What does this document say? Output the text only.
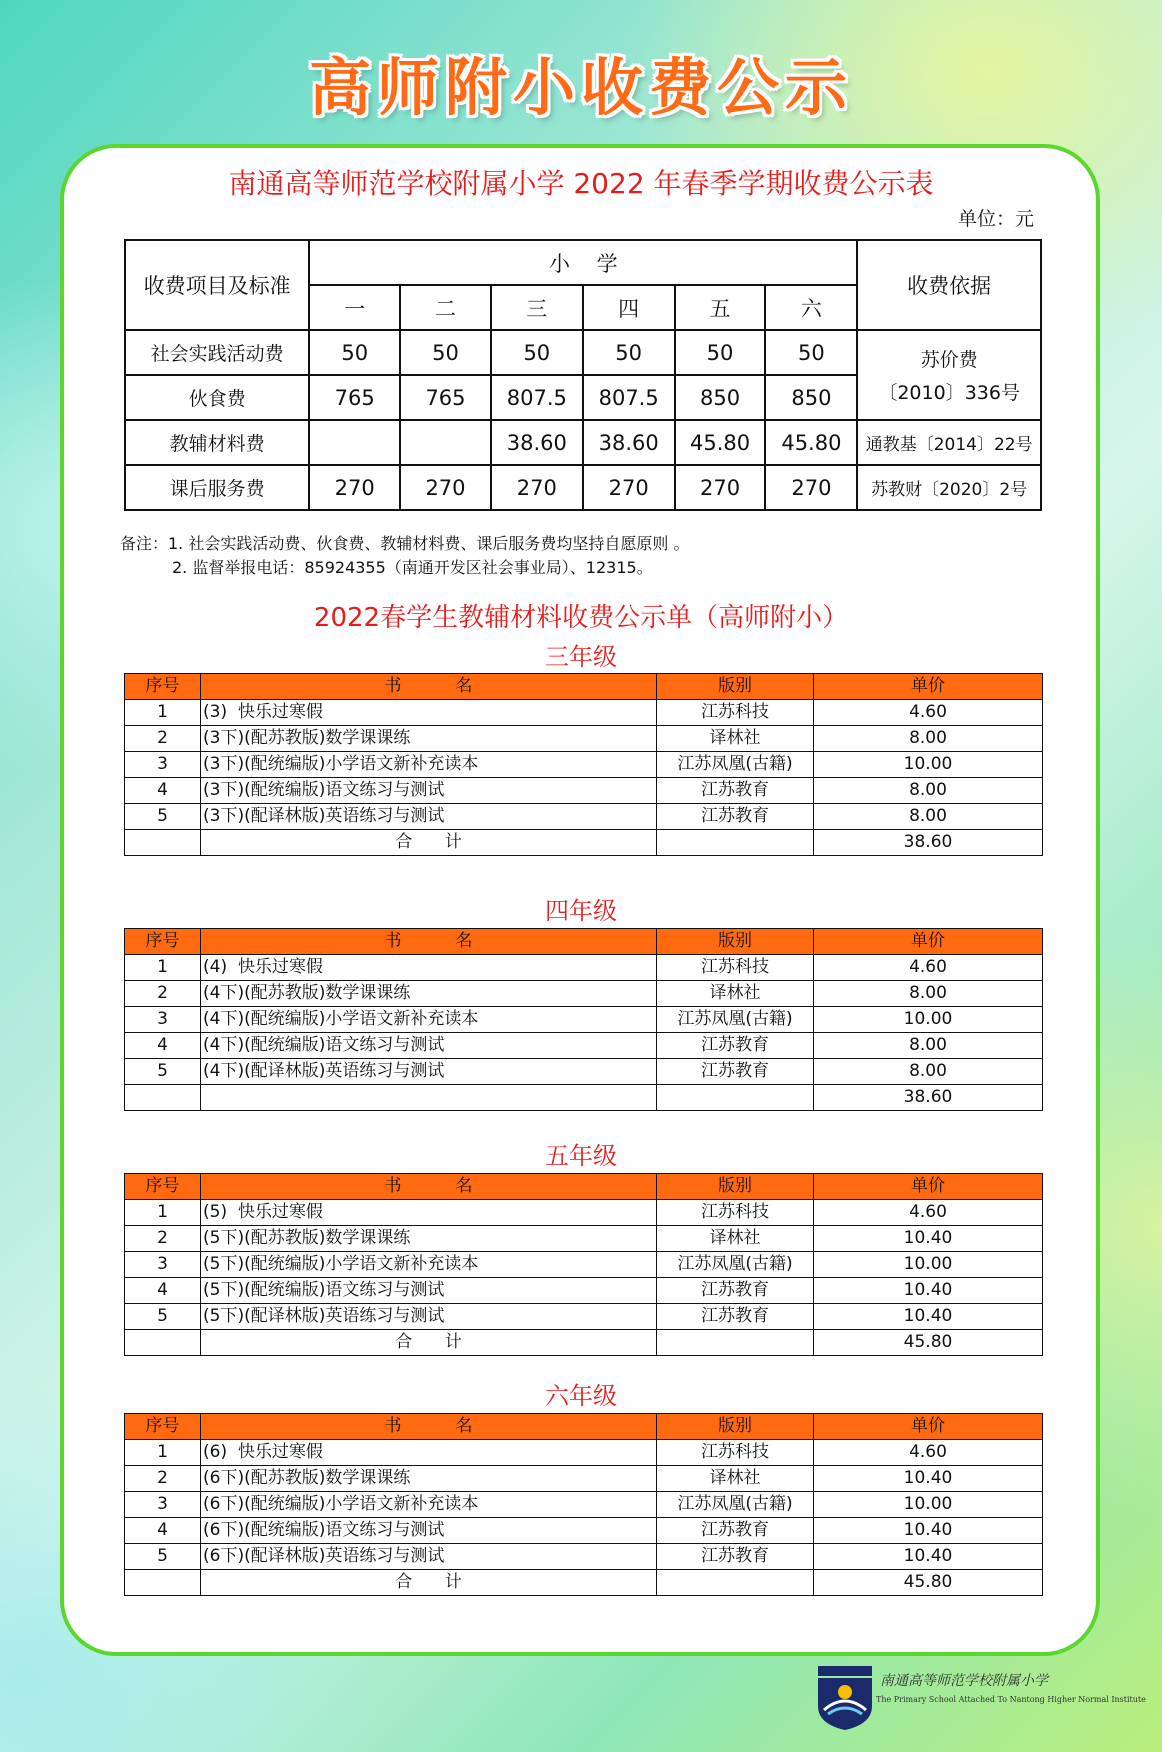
高师附小收费公示
南通高等师范学校附属小学 2022 年春季学期收费公示表
单位：元
收费项目及标准	小    学						收费依据
	一	二	三	四	五	六	
社会实践活动费	50	50	50	50	50	50	苏价费
〔2010〕336号

伙食费	765	765	807.5	807.5	850	850	
教辅材料费			38.60	38.60	45.80	45.80	通教基〔2014〕22号
课后服务费	270	270	270	270	270	270	苏教财〔2020〕2号
备注：1. 社会实践活动费、伙食费、教辅材料费、课后服务费均坚持自愿原则 。
2. 监督举报电话：85924355（南通开发区社会事业局）、12315。
2022春学生教辅材料收费公示单（高师附小）
三年级
序号	书          名	版别	单价
1	(3)  快乐过寒假	江苏科技	4.60
2	(3下)(配苏教版)数学课课练	译林社	8.00
3	(3下)(配统编版)小学语文新补充读本	江苏凤凰(古籍)	10.00
4	(3下)(配统编版)语文练习与测试	江苏教育	8.00
5	(3下)(配译林版)英语练习与测试	江苏教育	8.00
	合      计		38.60
四年级
序号	书          名	版别	单价
1	(4)  快乐过寒假	江苏科技	4.60
2	(4下)(配苏教版)数学课课练	译林社	8.00
3	(4下)(配统编版)小学语文新补充读本	江苏凤凰(古籍)	10.00
4	(4下)(配统编版)语文练习与测试	江苏教育	8.00
5	(4下)(配译林版)英语练习与测试	江苏教育	8.00
			38.60
五年级
序号	书          名	版别	单价
1	(5)  快乐过寒假	江苏科技	4.60
2	(5下)(配苏教版)数学课课练	译林社	10.40
3	(5下)(配统编版)小学语文新补充读本	江苏凤凰(古籍)	10.00
4	(5下)(配统编版)语文练习与测试	江苏教育	10.40
5	(5下)(配译林版)英语练习与测试	江苏教育	10.40
	合      计		45.80
六年级
序号	书          名	版别	单价
1	(6)  快乐过寒假	江苏科技	4.60
2	(6下)(配苏教版)数学课课练	译林社	10.40
3	(6下)(配统编版)小学语文新补充读本	江苏凤凰(古籍)	10.00
4	(6下)(配统编版)语文练习与测试	江苏教育	10.40
5	(6下)(配译林版)英语练习与测试	江苏教育	10.40
	合      计		45.80
南通高等师范学校附属小学
The Primary School Attached To Nantong Higher Normal Institute
